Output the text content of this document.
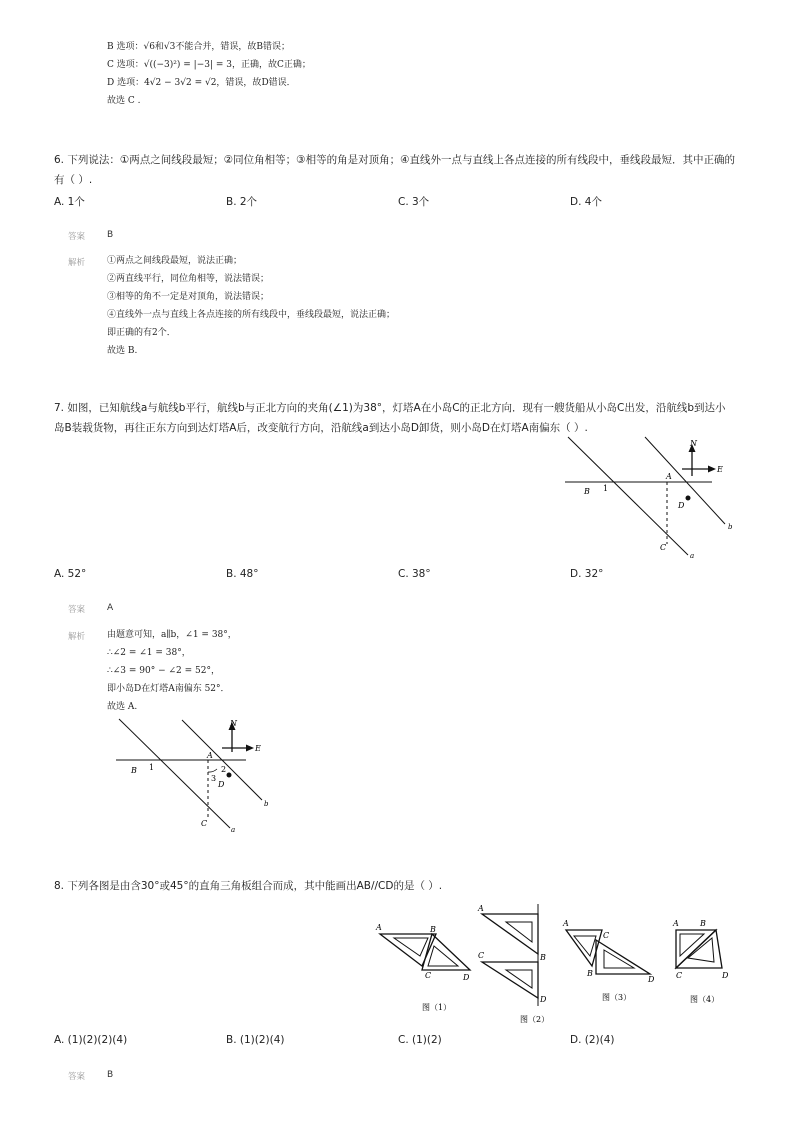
B 选项：√6和√3不能合并，错误，故B错误；
C 选项：√((−3)²) = |−3| = 3，正确，故C正确；
D 选项：4√2 − 3√2 = √2，错误，故D错误．
故选 C .
6. 下列说法：①两点之间线段最短；②同位角相等；③相等的角是对顶角；④直线外一点与直线上各点连接的所有线段中，垂线段最短．其中正确的
有（ ）.
A. 1个	B. 2个	C. 3个	D. 4个
答案 B
解析 ①两点之间线段最短，说法正确；
②两直线平行，同位角相等，说法错误；
③相等的角不一定是对顶角，说法错误；
④直线外一点与直线上各点连接的所有线段中，垂线段最短，说法正确；
即正确的有2个．
故选 B.
7. 如图，已知航线a与航线b平行，航线b与正北方向的夹角(∠1)为38°，灯塔A在小岛C的正北方向．现有一艘货船从小岛C出发，沿航线b到达小
岛B装载货物，再往正东方向到达灯塔A后，改变航行方向，沿航线a到达小岛D卸货，则小岛D在灯塔A南偏东（ ）.
N
E
A
B 1
D
C
a
b
A. 52°	B. 48°	C. 38°	D. 32°
答案 A
解析 由题意可知，a∥b，∠1 = 38°，
∴∠2 = ∠1 = 38°，
∴∠3 = 90° − ∠2 = 52°，
即小岛D在灯塔A南偏东 52°．
故选 A.
N
E
A
B 1	2
3
D
C
a
b
8. 下列各图是由含30°或45°的直角三角板组合而成，其中能画出AB//CD的是（ ）.
A	B
C	D
图（1）
A
B
C
D
图（2）
A
C
B
D
图（3）
A	B
C	D
图（4）
A. (1)(2)(2)(4)	B. (1)(2)(4)	C. (1)(2)	D. (2)(4)
答案 B
